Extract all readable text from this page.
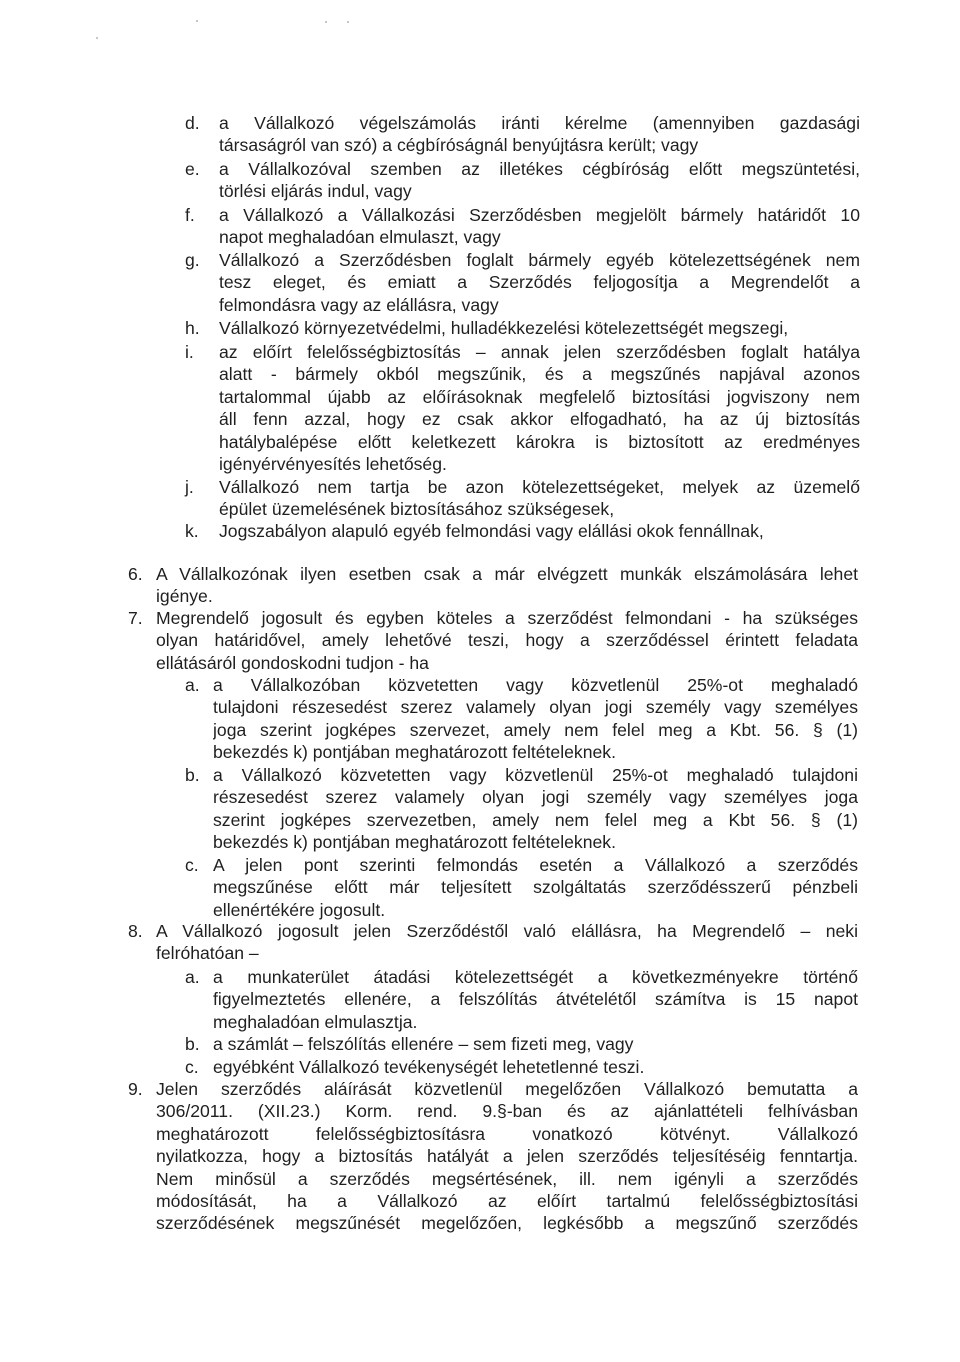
d. a Vállalkozó végelszámolás iránti kérelme (amennyiben gazdasági
társaságról van szó) a cégbíróságnál benyújtásra került; vagy
e. a Vállalkozóval szemben az illetékes cégbíróság előtt megszüntetési,
törlési eljárás indul, vagy
f. a Vállalkozó a Vállalkozási Szerződésben megjelölt bármely határidőt 10
napot meghaladóan elmulaszt, vagy
g. Vállalkozó a Szerződésben foglalt bármely egyéb kötelezettségének nem
tesz eleget, és emiatt a Szerződés feljogosítja a Megrendelőt a
felmondásra vagy az elállásra, vagy
h. Vállalkozó környezetvédelmi, hulladékkezelési kötelezettségét megszegi,
i. az előírt felelősségbiztosítás – annak jelen szerződésben foglalt hatálya
alatt - bármely okból megszűnik, és a megszűnés napjával azonos
tartalommal újabb az előírásoknak megfelelő biztosítási jogviszony nem
áll fenn azzal, hogy ez csak akkor elfogadható, ha az új biztosítás
hatálybalépése előtt keletkezett károkra is biztosított az eredményes
igényérvényesítés lehetőség.
j. Vállalkozó nem tartja be azon kötelezettségeket, melyek az üzemelő
épület üzemelésének biztosításához szükségesek,
k. Jogszabályon alapuló egyéb felmondási vagy elállási okok fennállnak,
6. A Vállalkozónak ilyen esetben csak a már elvégzett munkák elszámolására lehet
igénye.
7. Megrendelő jogosult és egyben köteles a szerződést felmondani - ha szükséges
olyan határidővel, amely lehetővé teszi, hogy a szerződéssel érintett feladata
ellátásáról gondoskodni tudjon - ha
a. a Vállalkozóban közvetetten vagy közvetlenül 25%-ot meghaladó
tulajdoni részesedést szerez valamely olyan jogi személy vagy személyes
joga szerint jogképes szervezet, amely nem felel meg a Kbt. 56. § (1)
bekezdés k) pontjában meghatározott feltételeknek.
b. a Vállalkozó közvetetten vagy közvetlenül 25%-ot meghaladó tulajdoni
részesedést szerez valamely olyan jogi személy vagy személyes joga
szerint jogképes szervezetben, amely nem felel meg a Kbt 56. § (1)
bekezdés k) pontjában meghatározott feltételeknek.
c. A jelen pont szerinti felmondás esetén a Vállalkozó a szerződés
megszűnése előtt már teljesített szolgáltatás szerződésszerű pénzbeli
ellenértékére jogosult.
8. A Vállalkozó jogosult jelen Szerződéstől való elállásra, ha Megrendelő – neki
felróhatóan –
a. a munkaterület átadási kötelezettségét a következményekre történő
figyelmeztetés ellenére, a felszólítás átvételétől számítva is 15 napot
meghaladóan elmulasztja.
b. a számlát – felszólítás ellenére – sem fizeti meg, vagy
c. egyébként Vállalkozó tevékenységét lehetetlenné teszi.
9. Jelen szerződés aláírását közvetlenül megelőzően Vállalkozó bemutatta a
306/2011. (XII.23.) Korm. rend. 9.§-ban és az ajánlattételi felhívásban
meghatározott felelősségbiztosításra vonatkozó kötvényt. Vállalkozó
nyilatkozza, hogy a biztosítás hatályát a jelen szerződés teljesítéséig fenntartja.
Nem minősül a szerződés megsértésének, ill. nem igényli a szerződés
módosítását, ha a Vállalkozó az előírt tartalmú felelősségbiztosítási
szerződésének megszűnését megelőzően, legkésőbb a megszűnő szerződés
